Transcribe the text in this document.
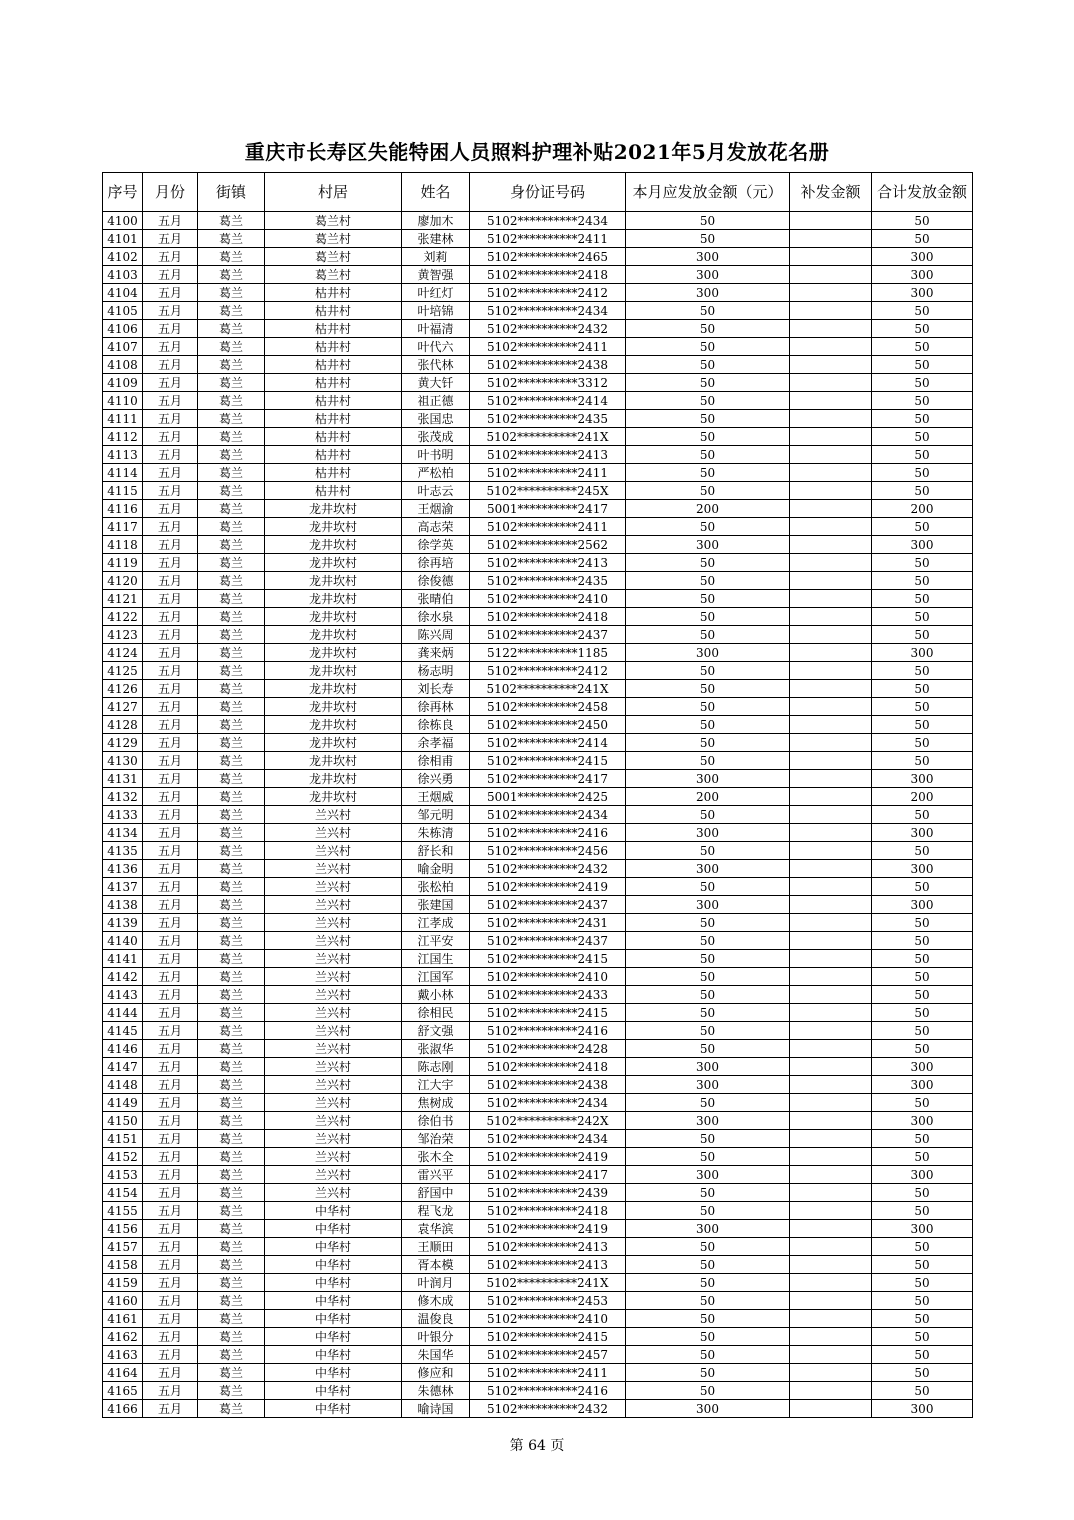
重庆市长寿区失能特困人员照料护理补贴2021年5月发放花名册
序号	月份	街镇	村居	姓名	身份证号码	本月应发放金额（元）	补发金额	合计发放金额
4100	五月	葛兰	葛兰村	廖加木	5102**********2434	50		50
4101	五月	葛兰	葛兰村	张建林	5102**********2411	50		50
4102	五月	葛兰	葛兰村	刘莉	5102**********2465	300		300
4103	五月	葛兰	葛兰村	黄智强	5102**********2418	300		300
4104	五月	葛兰	枯井村	叶红灯	5102**********2412	300		300
4105	五月	葛兰	枯井村	叶培锦	5102**********2434	50		50
4106	五月	葛兰	枯井村	叶福清	5102**********2432	50		50
4107	五月	葛兰	枯井村	叶代六	5102**********2411	50		50
4108	五月	葛兰	枯井村	张代林	5102**********2438	50		50
4109	五月	葛兰	枯井村	黄大钎	5102**********3312	50		50
4110	五月	葛兰	枯井村	祖正德	5102**********2414	50		50
4111	五月	葛兰	枯井村	张国忠	5102**********2435	50		50
4112	五月	葛兰	枯井村	张茂成	5102**********241X	50		50
4113	五月	葛兰	枯井村	叶书明	5102**********2413	50		50
4114	五月	葛兰	枯井村	严松柏	5102**********2411	50		50
4115	五月	葛兰	枯井村	叶志云	5102**********245X	50		50
4116	五月	葛兰	龙井坎村	王烟渝	5001**********2417	200		200
4117	五月	葛兰	龙井坎村	高志荣	5102**********2411	50		50
4118	五月	葛兰	龙井坎村	徐学英	5102**********2562	300		300
4119	五月	葛兰	龙井坎村	徐再培	5102**********2413	50		50
4120	五月	葛兰	龙井坎村	徐俊德	5102**********2435	50		50
4121	五月	葛兰	龙井坎村	张晴伯	5102**********2410	50		50
4122	五月	葛兰	龙井坎村	徐水泉	5102**********2418	50		50
4123	五月	葛兰	龙井坎村	陈兴周	5102**********2437	50		50
4124	五月	葛兰	龙井坎村	龚来炳	5122**********1185	300		300
4125	五月	葛兰	龙井坎村	杨志明	5102**********2412	50		50
4126	五月	葛兰	龙井坎村	刘长寿	5102**********241X	50		50
4127	五月	葛兰	龙井坎村	徐再林	5102**********2458	50		50
4128	五月	葛兰	龙井坎村	徐栋良	5102**********2450	50		50
4129	五月	葛兰	龙井坎村	余孝福	5102**********2414	50		50
4130	五月	葛兰	龙井坎村	徐相甫	5102**********2415	50		50
4131	五月	葛兰	龙井坎村	徐兴勇	5102**********2417	300		300
4132	五月	葛兰	龙井坎村	王烟威	5001**********2425	200		200
4133	五月	葛兰	兰兴村	邹元明	5102**********2434	50		50
4134	五月	葛兰	兰兴村	朱栋清	5102**********2416	300		300
4135	五月	葛兰	兰兴村	舒长和	5102**********2456	50		50
4136	五月	葛兰	兰兴村	喻金明	5102**********2432	300		300
4137	五月	葛兰	兰兴村	张松柏	5102**********2419	50		50
4138	五月	葛兰	兰兴村	张建国	5102**********2437	300		300
4139	五月	葛兰	兰兴村	江孝成	5102**********2431	50		50
4140	五月	葛兰	兰兴村	江平安	5102**********2437	50		50
4141	五月	葛兰	兰兴村	江国生	5102**********2415	50		50
4142	五月	葛兰	兰兴村	江国军	5102**********2410	50		50
4143	五月	葛兰	兰兴村	戴小林	5102**********2433	50		50
4144	五月	葛兰	兰兴村	徐相民	5102**********2415	50		50
4145	五月	葛兰	兰兴村	舒文强	5102**********2416	50		50
4146	五月	葛兰	兰兴村	张淑华	5102**********2428	50		50
4147	五月	葛兰	兰兴村	陈志刚	5102**********2418	300		300
4148	五月	葛兰	兰兴村	江大宇	5102**********2438	300		300
4149	五月	葛兰	兰兴村	焦树成	5102**********2434	50		50
4150	五月	葛兰	兰兴村	徐伯书	5102**********242X	300		300
4151	五月	葛兰	兰兴村	邹治荣	5102**********2434	50		50
4152	五月	葛兰	兰兴村	张木全	5102**********2419	50		50
4153	五月	葛兰	兰兴村	雷兴平	5102**********2417	300		300
4154	五月	葛兰	兰兴村	舒国中	5102**********2439	50		50
4155	五月	葛兰	中华村	程飞龙	5102**********2418	50		50
4156	五月	葛兰	中华村	袁华滨	5102**********2419	300		300
4157	五月	葛兰	中华村	王顺田	5102**********2413	50		50
4158	五月	葛兰	中华村	胥本模	5102**********2413	50		50
4159	五月	葛兰	中华村	叶润月	5102**********241X	50		50
4160	五月	葛兰	中华村	修木成	5102**********2453	50		50
4161	五月	葛兰	中华村	温俊良	5102**********2410	50		50
4162	五月	葛兰	中华村	叶银分	5102**********2415	50		50
4163	五月	葛兰	中华村	朱国华	5102**********2457	50		50
4164	五月	葛兰	中华村	修应和	5102**********2411	50		50
4165	五月	葛兰	中华村	朱德林	5102**********2416	50		50
4166	五月	葛兰	中华村	喻诗国	5102**********2432	300		300
第 64 页
